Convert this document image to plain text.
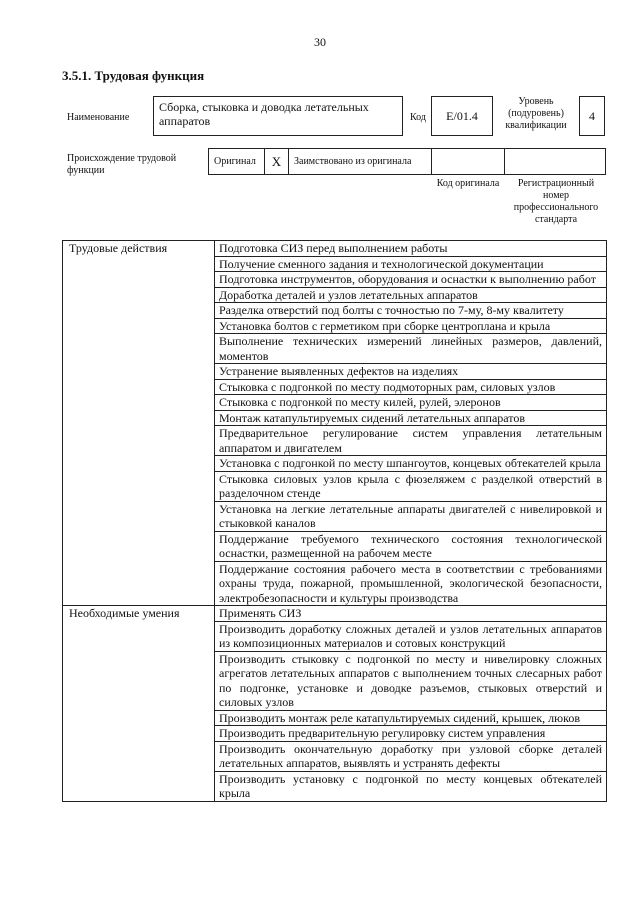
30
3.5.1. Трудовая функция
Наименование
Сборка, стыковка и доводка летательных аппаратов	Код	E/01.4
Уровень (подуровень) квалификации
4
Происхождение трудовой функции
Оригинал	X	Заимствовано из оригинала
Код оригинала	Регистрационный номер профессионального стандарта
Трудовые действия	Подготовка СИЗ перед выполнением работы
	Получение сменного задания и технологической документации
	Подготовка инструментов, оборудования и оснастки к выполнению работ
	Доработка деталей и узлов летательных аппаратов
	Разделка отверстий под болты с точностью по 7-му, 8-му квалитету
	Установка болтов с герметиком при сборке центроплана и крыла
	Выполнение технических измерений линейных размеров, давлений, моментов
	Устранение выявленных дефектов на изделиях
	Стыковка с подгонкой по месту подмоторных рам, силовых узлов
	Стыковка с подгонкой по месту килей, рулей, элеронов
	Монтаж катапультируемых сидений летательных аппаратов
	Предварительное регулирование систем управления летательным аппаратом и двигателем
	Установка с подгонкой по месту шпангоутов, концевых обтекателей крыла
	Стыковка силовых узлов крыла с фюзеляжем с разделкой отверстий в разделочном стенде
	Установка на легкие летательные аппараты двигателей с нивелировкой и стыковкой каналов
	Поддержание требуемого технического состояния технологической оснастки, размещенной на рабочем месте
	Поддержание состояния рабочего места в соответствии с требованиями охраны труда, пожарной, промышленной, экологической безопасности, электробезопасности и культуры производства
Необходимые умения	Применять СИЗ
	Производить доработку сложных деталей и узлов летательных аппаратов из композиционных материалов и сотовых конструкций
	Производить стыковку с подгонкой по месту и нивелировку сложных агрегатов летательных аппаратов с выполнением точных слесарных работ по подгонке, установке и доводке разъемов, стыковых отверстий и силовых узлов
	Производить монтаж реле катапультируемых сидений, крышек, люков
	Производить предварительную регулировку систем управления
	Производить окончательную доработку при узловой сборке деталей летательных аппаратов, выявлять и устранять дефекты
	Производить установку с подгонкой по месту концевых обтекателей крыла
